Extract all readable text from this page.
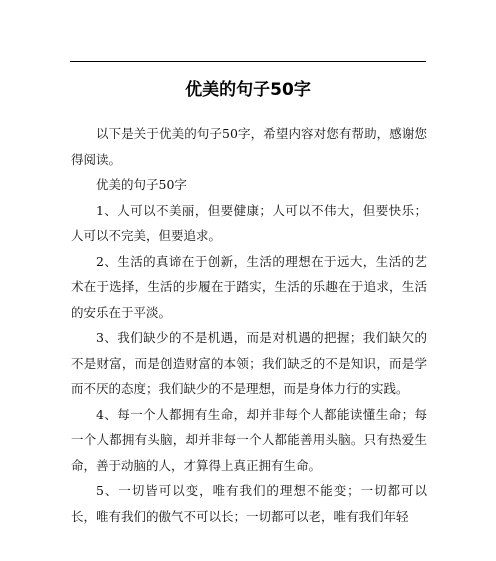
优美的句子50字

以下是关于优美的句子50字，希望内容对您有帮助，感谢您得阅读。

优美的句子50字

1、人可以不美丽，但要健康；人可以不伟大，但要快乐；人可以不完美，但要追求。

2、生活的真谛在于创新，生活的理想在于远大，生活的艺术在于选择，生活的步履在于踏实，生活的乐趣在于追求，生活的安乐在于平淡。

3、我们缺少的不是机遇，而是对机遇的把握；我们缺欠的不是财富，而是创造财富的本领；我们缺乏的不是知识，而是学而不厌的态度；我们缺少的不是理想，而是身体力行的实践。

4、每一个人都拥有生命，却并非每个人都能读懂生命；每一个人都拥有头脑，却并非每一个人都能善用头脑。只有热爱生命，善于动脑的人，才算得上真正拥有生命。

5、一切皆可以变，唯有我们的理想不能变；一切都可以长，唯有我们的傲气不可以长；一切都可以老，唯有我们年轻
